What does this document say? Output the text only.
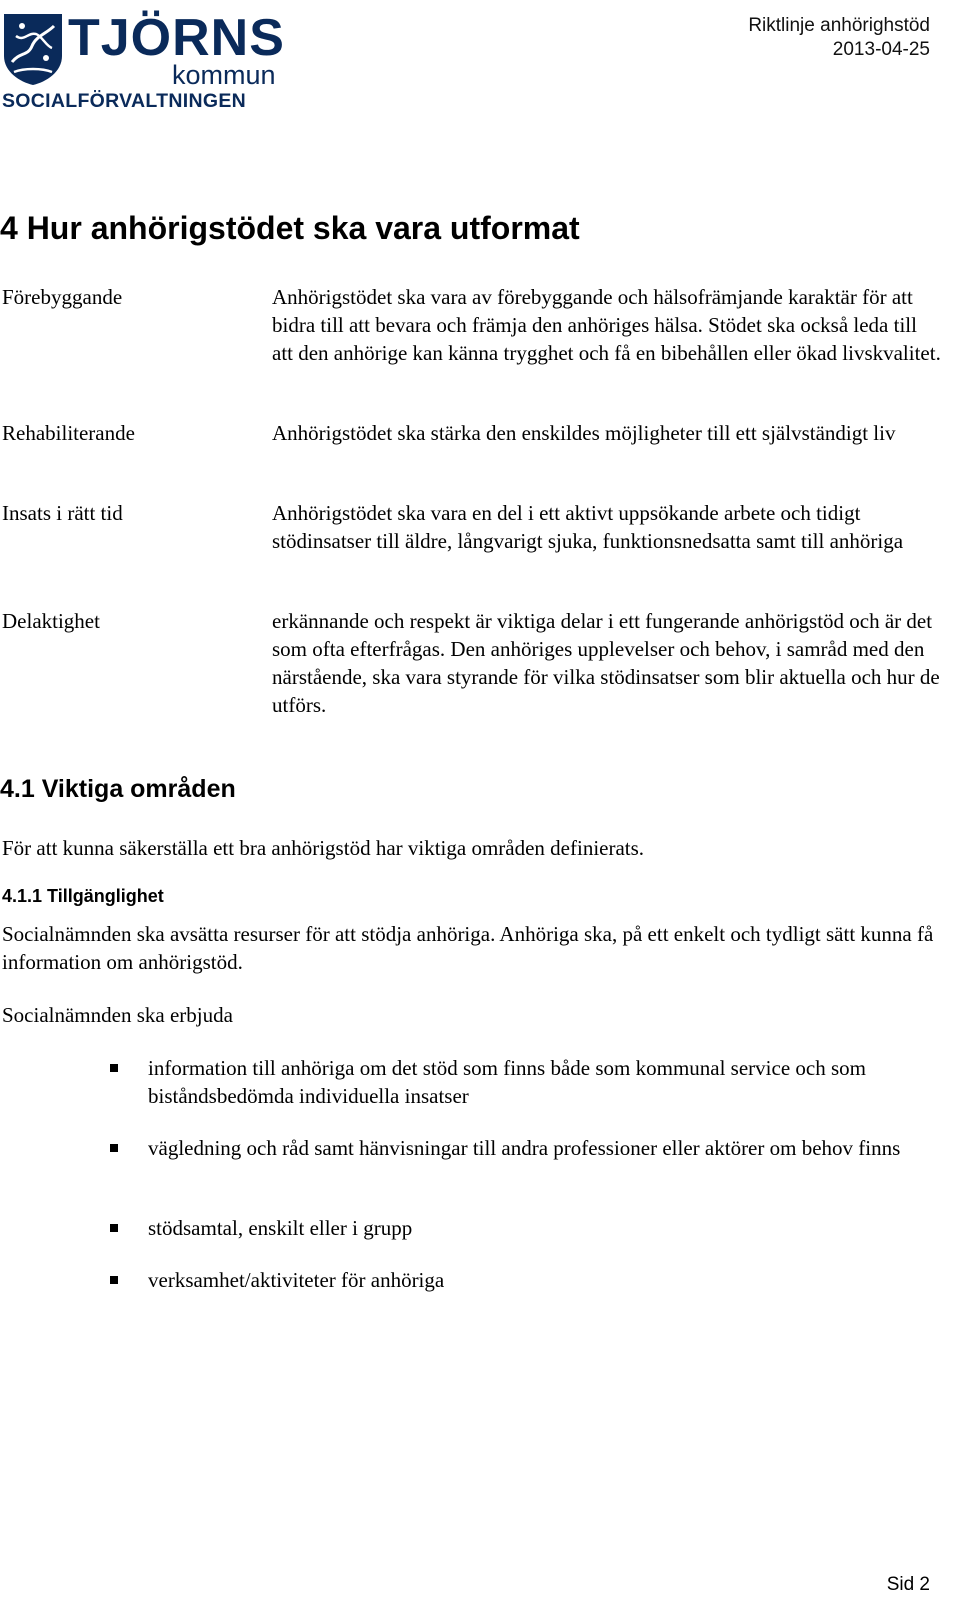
TJÖRNS
kommun
SOCIALFÖRVALTNINGEN
Riktlinje anhörighstöd
2013-04-25
4 Hur anhörigstödet ska vara utformat
Förebyggande	Anhörigstödet ska vara av förebyggande och hälsofrämjande karaktär för att bidra till att bevara och främja den anhöriges hälsa. Stödet ska också leda till att den anhörige kan känna trygghet och få en bibehållen eller ökad livskvalitet.
Rehabiliterande	Anhörigstödet ska stärka den enskildes möjligheter till ett självständigt liv
Insats i rätt tid	Anhörigstödet ska vara en del i ett aktivt uppsökande arbete och tidigt stödinsatser till äldre, långvarigt sjuka, funktionsnedsatta samt till anhöriga
Delaktighet	erkännande och respekt är viktiga delar i ett fungerande anhörigstöd och är det som ofta efterfrågas. Den anhöriges upplevelser och behov, i samråd med den närstående, ska vara styrande för vilka stödinsatser som blir aktuella och hur de utförs.
4.1 Viktiga områden

För att kunna säkerställa ett bra anhörigstöd har viktiga områden definierats.

4.1.1 Tillgänglighet

Socialnämnden ska avsätta resurser för att stödja anhöriga. Anhöriga ska, på ett enkelt och tydligt sätt kunna få information om anhörigstöd.

Socialnämnden ska erbjuda

information till anhöriga om det stöd som finns både som kommunal service och som biståndsbedömda individuella insatser
vägledning och råd samt hänvisningar till andra professioner eller aktörer om behov finns
stödsamtal, enskilt eller i grupp
verksamhet/aktiviteter för anhöriga
Sid 2
